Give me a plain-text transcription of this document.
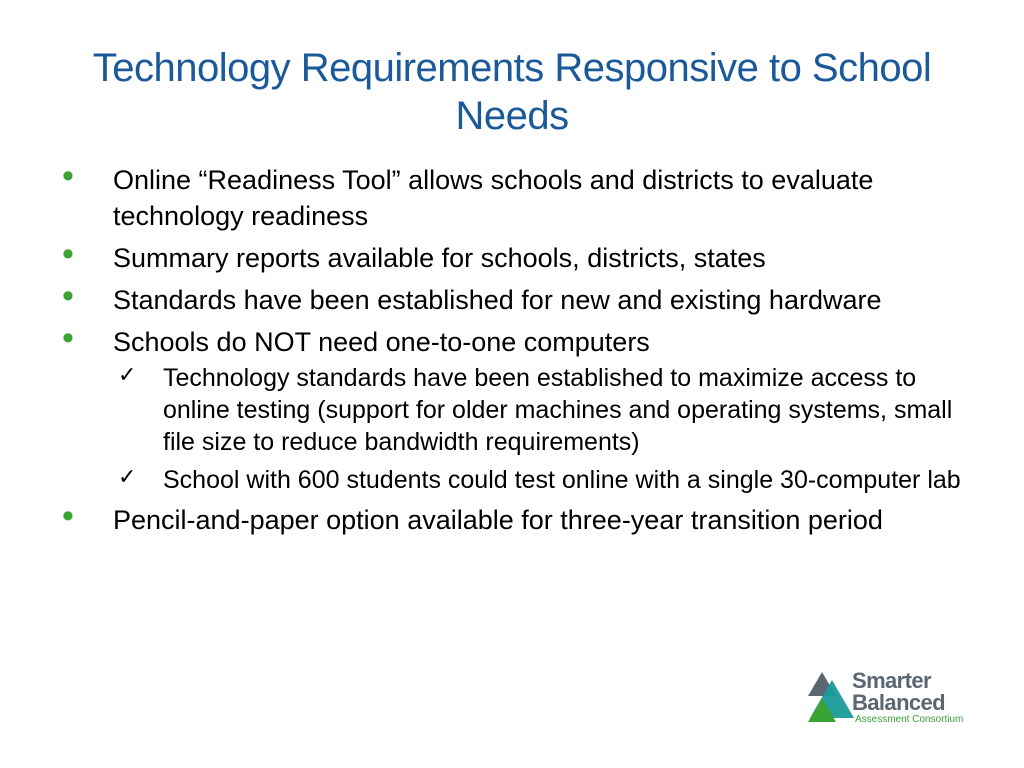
Technology Requirements Responsive to School Needs
• Online “Readiness Tool” allows schools and districts to evaluate technology readiness
• Summary reports available for schools, districts, states
• Standards have been established for new and existing hardware
• Schools do NOT need one-to-one computers
✓ Technology standards have been established to maximize access to online testing (support for older machines and operating systems, small file size to reduce bandwidth requirements)
✓ School with 600 students could test online with a single 30-computer lab
• Pencil-and-paper option available for three-year transition period
Smarter
Balanced
Assessment Consortium
